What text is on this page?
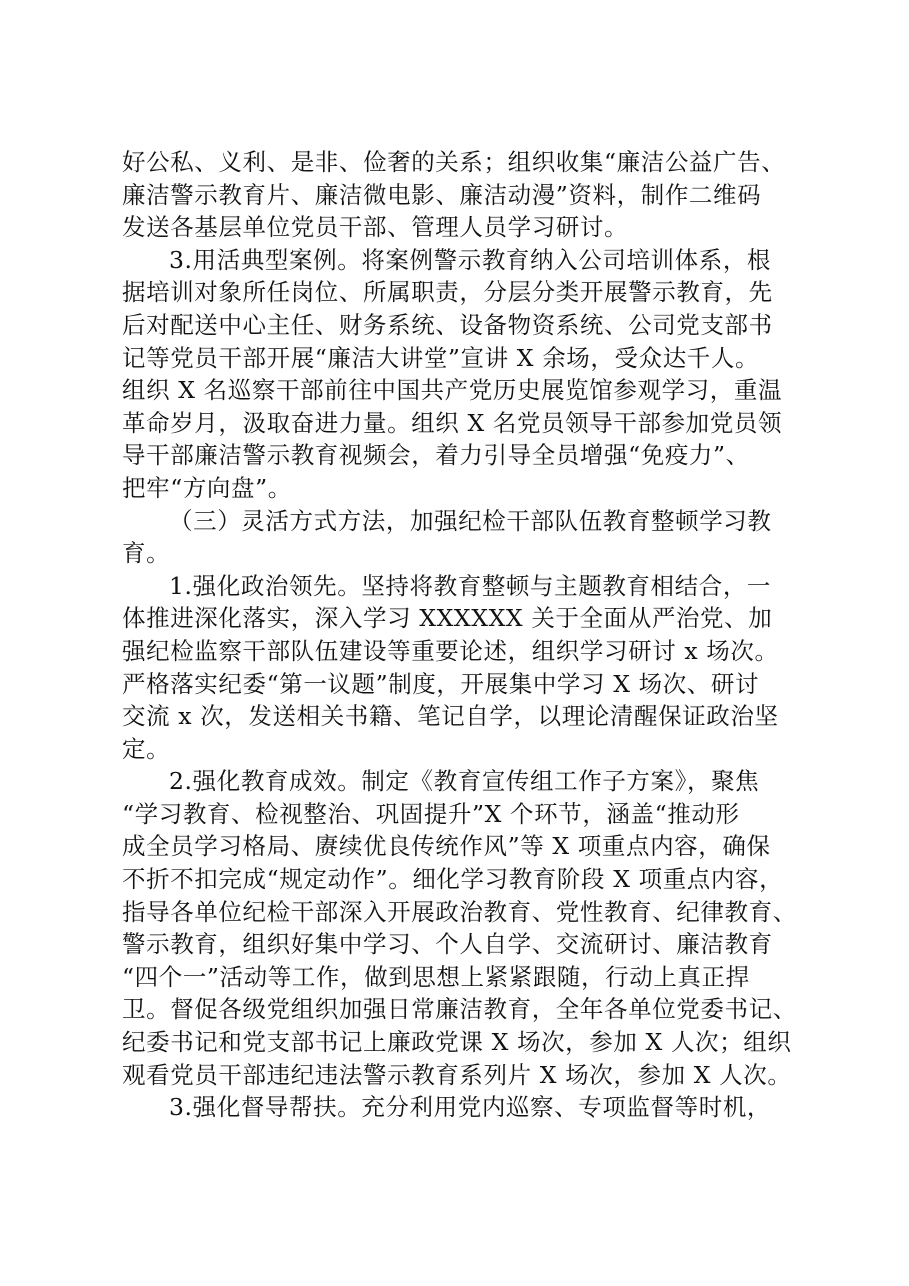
好公私、义利、是非、俭奢的关系；组织收集“廉洁公益广告、
廉洁警示教育片、廉洁微电影、廉洁动漫”资料，制作二维码
发送各基层单位党员干部、管理人员学习研讨。

3.用活典型案例。将案例警示教育纳入公司培训体系，根
据培训对象所任岗位、所属职责，分层分类开展警示教育，先
后对配送中心主任、财务系统、设备物资系统、公司党支部书
记等党员干部开展“廉洁大讲堂”宣讲 X 余场，受众达千人。
组织 X 名巡察干部前往中国共产党历史展览馆参观学习，重温
革命岁月，汲取奋进力量。组织 X 名党员领导干部参加党员领
导干部廉洁警示教育视频会，着力引导全员增强“免疫力”、
把牢“方向盘”。

（三）灵活方式方法，加强纪检干部队伍教育整顿学习教
育。

1.强化政治领先。坚持将教育整顿与主题教育相结合，一
体推进深化落实，深入学习 XXXXXX 关于全面从严治党、加
强纪检监察干部队伍建设等重要论述，组织学习研讨 x 场次。
严格落实纪委“第一议题”制度，开展集中学习 X 场次、研讨
交流 x 次，发送相关书籍、笔记自学，以理论清醒保证政治坚
定。

2.强化教育成效。制定《教育宣传组工作子方案》，聚焦
“学习教育、检视整治、巩固提升”X 个环节，涵盖“推动形
成全员学习格局、赓续优良传统作风”等 X 项重点内容，确保
不折不扣完成“规定动作”。细化学习教育阶段 X 项重点内容，
指导各单位纪检干部深入开展政治教育、党性教育、纪律教育、
警示教育，组织好集中学习、个人自学、交流研讨、廉洁教育
“四个一”活动等工作，做到思想上紧紧跟随，行动上真正捍
卫。督促各级党组织加强日常廉洁教育，全年各单位党委书记、
纪委书记和党支部书记上廉政党课 X 场次，参加 X 人次；组织
观看党员干部违纪违法警示教育系列片 X 场次，参加 X 人次。

3.强化督导帮扶。充分利用党内巡察、专项监督等时机，
